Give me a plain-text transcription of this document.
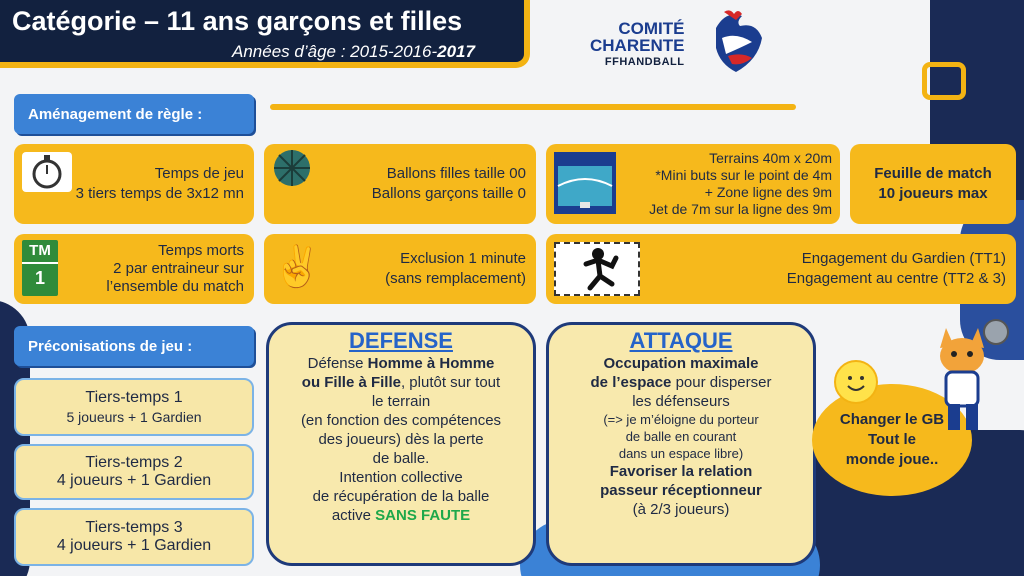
Catégorie – 11 ans garçons et filles
Années d’âge : 2015-2016-2017
COMITÉ
CHARENTE
FFHANDBALL
Aménagement de règle :
Temps de jeu
3 tiers temps de 3x12 mn
Ballons filles taille 00
Ballons garçons taille 0
Terrains 40m x 20m
*Mini buts sur le point de 4m
+ Zone ligne des 9m
Jet de 7m sur la ligne des 9m
Feuille de match
10 joueurs max
TM
1
Temps morts
2 par entraineur sur
l’ensemble du match ✌	Exclusion 1 minute
(sans remplacement)
Engagement du Gardien (TT1)
Engagement au centre (TT2 & 3)
Préconisations de jeu :
Tiers-temps 1
5 joueurs + 1 Gardien
Tiers-temps 2
4 joueurs + 1 Gardien
Tiers-temps 3
4 joueurs + 1 Gardien
DEFENSE
Défense Homme à Homme
ou Fille à Fille, plutôt sur tout
le terrain
(en fonction des compétences
des joueurs) dès la perte
de balle.
Intention collective
de récupération de la balle
active SANS FAUTE
ATTAQUE
Occupation maximale
de l’espace pour disperser
les défenseurs
(=> je m’éloigne du porteur
de balle en courant
dans un espace libre)
Favoriser la relation
passeur réceptionneur
(à 2/3 joueurs)
Changer le GB
Tout le
monde joue..
